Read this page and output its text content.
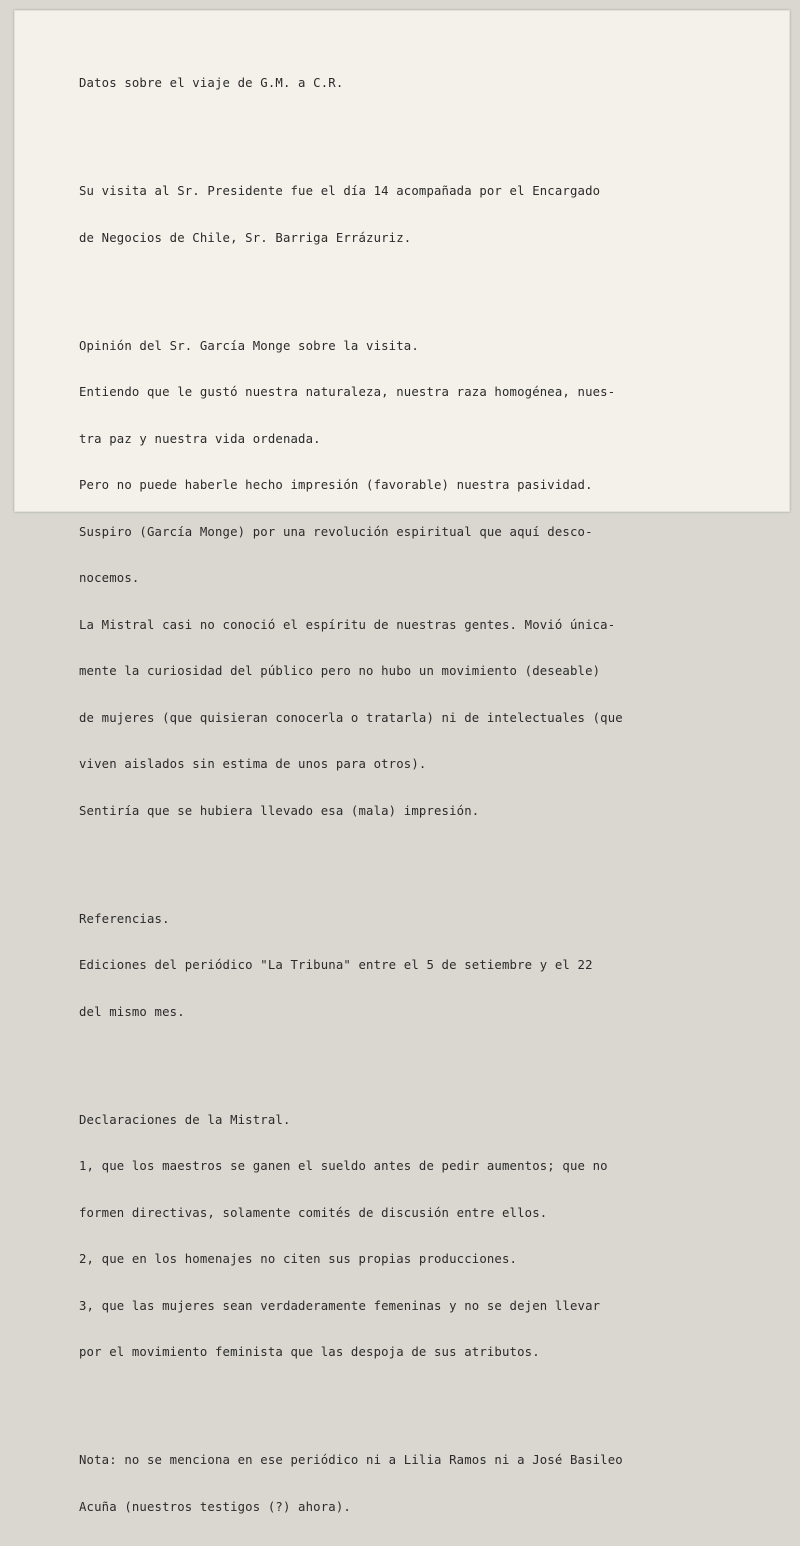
Datos sobre el viaje de G.M. a C.R.

Su visita al Sr. Presidente fue el día 14 acompañada por el Encargado

de Negocios de Chile, Sr. Barriga Errázuriz.

Opinión del Sr. García Monge sobre la visita.

Entiendo que le gustó nuestra naturaleza, nuestra raza homogénea, nues-

tra paz y nuestra vida ordenada.

Pero no puede haberle hecho impresión (favorable) nuestra pasividad.

Suspiro (García Monge) por una revolución espiritual que aquí desco-

nocemos.

La Mistral casi no conoció el espíritu de nuestras gentes. Movió única-

mente la curiosidad del público pero no hubo un movimiento (deseable)

de mujeres (que quisieran conocerla o tratarla) ni de intelectuales (que

viven aislados sin estima de unos para otros).

Sentiría que se hubiera llevado esa (mala) impresión.

Referencias.

Ediciones del periódico "La Tribuna" entre el 5 de setiembre y el 22

del mismo mes.

Declaraciones de la Mistral.

1, que los maestros se ganen el sueldo antes de pedir aumentos; que no

formen directivas, solamente comités de discusión entre ellos.

2, que en los homenajes no citen sus propias producciones.

3, que las mujeres sean verdaderamente femeninas y no se dejen llevar

por el movimiento feminista que las despoja de sus atributos.

Nota: no se menciona en ese periódico ni a Lilia Ramos ni a José Basileo

Acuña (nuestros testigos (?) ahora).
